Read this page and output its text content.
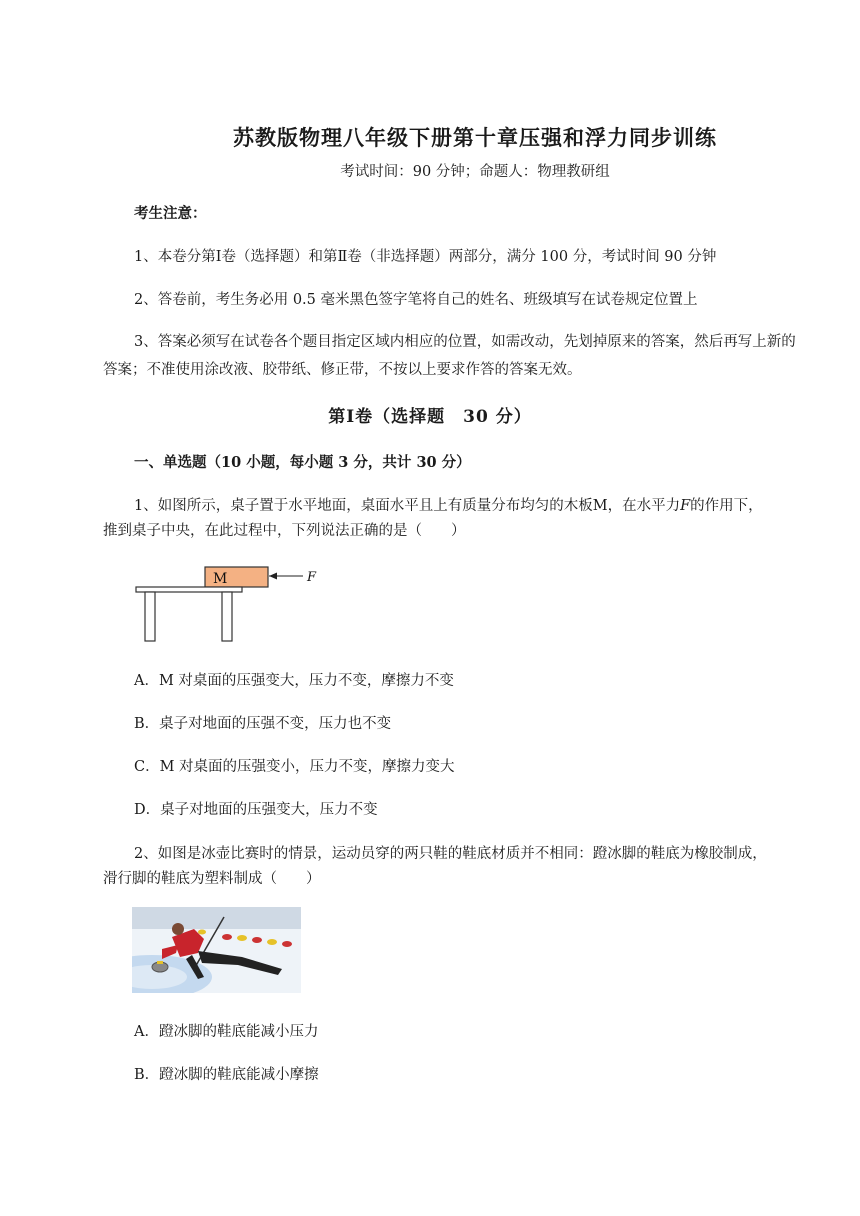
苏教版物理八年级下册第十章压强和浮力同步训练
考试时间：90 分钟；命题人：物理教研组
考生注意：
1、本卷分第Ⅰ卷（选择题）和第Ⅱ卷（非选择题）两部分，满分 100 分，考试时间 90 分钟
2、答卷前，考生务必用 0.5 毫米黑色签字笔将自己的姓名、班级填写在试卷规定位置上
3、答案必须写在试卷各个题目指定区域内相应的位置，如需改动，先划掉原来的答案，然后再写上新的答案；不准使用涂改液、胶带纸、修正带，不按以上要求作答的答案无效。
第Ⅰ卷（选择题　30 分）
一、单选题（10 小题，每小题 3 分，共计 30 分）
1、如图所示，桌子置于水平地面，桌面水平且上有质量分布均匀的木板M，在水平力F的作用下，
推到桌子中央，在此过程中，下列说法正确的是（　　）
M	F
A．M 对桌面的压强变大，压力不变，摩擦力不变
B．桌子对地面的压强不变，压力也不变
C．M 对桌面的压强变小，压力不变，摩擦力变大
D．桌子对地面的压强变大，压力不变
2、如图是冰壶比赛时的情景，运动员穿的两只鞋的鞋底材质并不相同：蹬冰脚的鞋底为橡胶制成，
滑行脚的鞋底为塑料制成（　　）
A．蹬冰脚的鞋底能减小压力
B．蹬冰脚的鞋底能减小摩擦
